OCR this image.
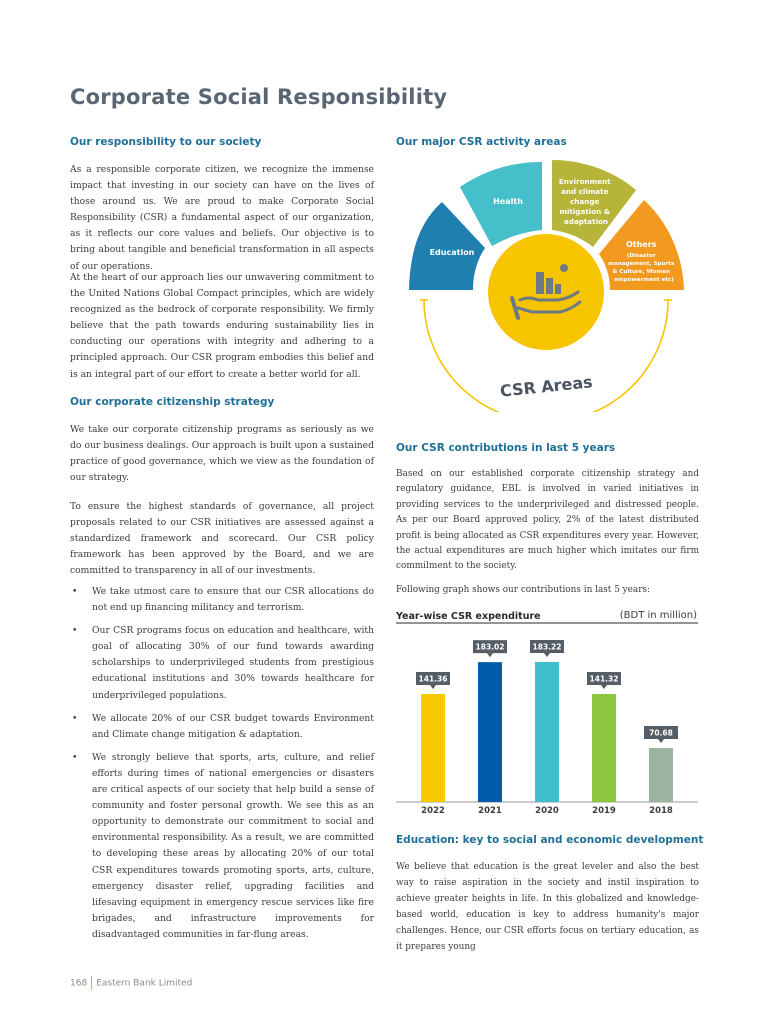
Corporate Social Responsibility
Our responsibility to our society
As a responsible corporate citizen, we recognize the immense impact that investing in our society can have on the lives of those around us. We are proud to make Corporate Social Responsibility (CSR) a fundamental aspect of our organization, as it reflects our core values and beliefs. Our objective is to bring about tangible and beneficial transformation in all aspects of our operations.
At the heart of our approach lies our unwavering commitment to the United Nations Global Compact principles, which are widely recognized as the bedrock of corporate responsibility. We firmly believe that the path towards enduring sustainability lies in conducting our operations with integrity and adhering to a principled approach. Our CSR program embodies this belief and is an integral part of our effort to create a better world for all.
Our corporate citizenship strategy
We take our corporate citizenship programs as seriously as we do our business dealings. Our approach is built upon a sustained practice of good governance, which we view as the foundation of our strategy.
To ensure the highest standards of governance, all project proposals related to our CSR initiatives are assessed against a standardized framework and scorecard. Our CSR policy framework has been approved by the Board, and we are committed to transparency in all of our investments.
• We take utmost care to ensure that our CSR allocations do not end up financing militancy and terrorism.
• Our CSR programs focus on education and healthcare, with goal of allocating 30% of our fund towards awarding scholarships to underprivileged students from prestigious educational institutions and 30% towards healthcare for underprivileged populations.
• We allocate 20% of our CSR budget towards Environment and Climate change mitigation & adaptation.
• We strongly believe that sports, arts, culture, and relief efforts during times of national emergencies or disasters are critical aspects of our society that help build a sense of community and foster personal growth. We see this as an opportunity to demonstrate our commitment to social and environmental responsibility. As a result, we are committed to developing these areas by allocating 20% of our total CSR expenditures towards promoting sports, arts, culture, emergency disaster relief, upgrading facilities and lifesaving equipment in emergency rescue services like fire brigades, and infrastructure improvements for disadvantaged communities in far-flung areas.
Our major CSR activity areas
Education
Health
Environment and climate change mitigation & adaptation
Others (Disaster management, Sports & Culture, Women empowerment etc)
CSR Areas
Our CSR contributions in last 5 years
Based on our established corporate citizenship strategy and regulatory guidance, EBL is involved in varied initiatives in providing services to the underprivileged and distressed people. As per our Board approved policy, 2% of the latest distributed profit is being allocated as CSR expenditures every year. However, the actual expenditures are much higher which imitates our firm commilment to the society.
Following graph shows our contributions in last 5 years:
Year-wise CSR expenditure	(BDT in million)
141.36
2022
183.02
2021
183.22
2020
141.32
2019
70.68
2018
Education: key to social and economic development
We believe that education is the great leveler and also the best way to raise aspiration in the society and instil inspiration to achieve greater heights in life. In this globalized and knowledge-based world, education is key to address humanity's major challenges. Hence, our CSR efforts focus on tertiary education, as it prepares young
168 Eastern Bank Limited
